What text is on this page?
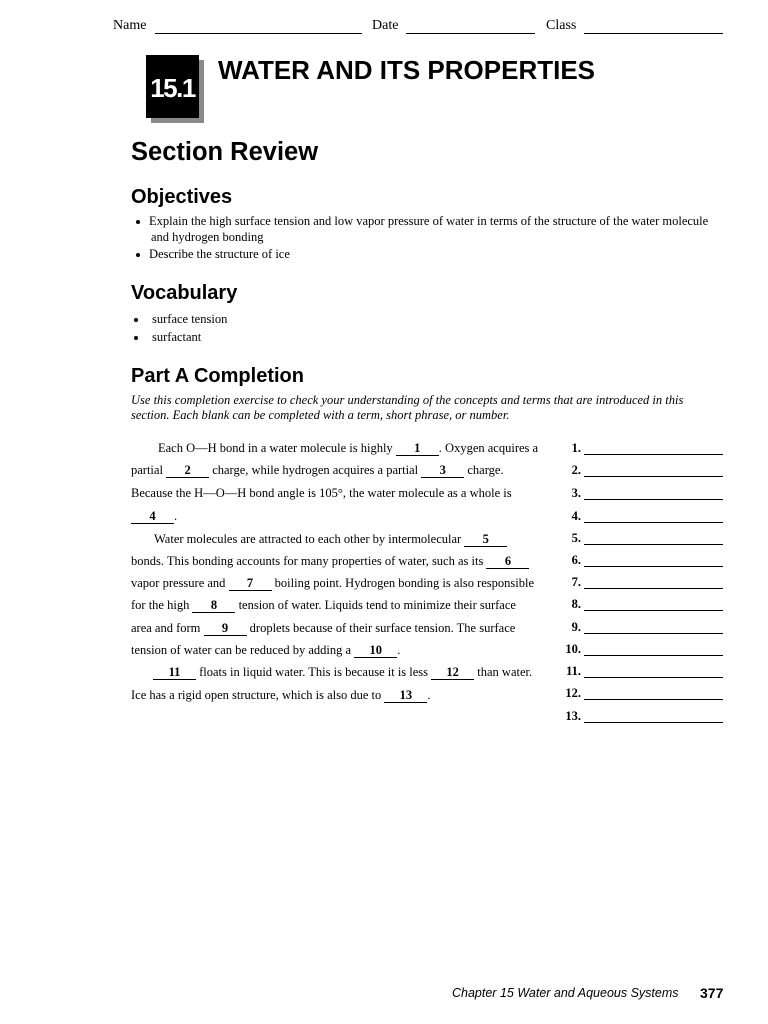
Name	Date	Class
15.1
WATER AND ITS PROPERTIES
Section Review
Objectives
Explain the high surface tension and low vapor pressure of water in terms of the structure of the water molecule
and hydrogen bonding
Describe the structure of ice
Vocabulary
surface tension
surfactant
Part A Completion
Use this completion exercise to check your understanding of the concepts and terms that are introduced in this
section. Each blank can be completed with a term, short phrase, or number.
Each O—H bond in a water molecule is highly 1 . Oxygen acquires a
partial 2 charge, while hydrogen acquires a partial 3 charge.
Because the H—O—H bond angle is 105°, the water molecule as a whole is
4 .
Water molecules are attracted to each other by intermolecular 5
bonds. This bonding accounts for many properties of water, such as its 6
vapor pressure and 7 boiling point. Hydrogen bonding is also responsible
for the high 8 tension of water. Liquids tend to minimize their surface
area and form 9 droplets because of their surface tension. The surface
tension of water can be reduced by adding a 10 .
11 floats in liquid water. This is because it is less 12 than water.
Ice has a rigid open structure, which is also due to 13 .
1.
2.
3.
4.
5.
6.
7.
8.
9.
10.
11.
12.
13.
Chapter 15 Water and Aqueous Systems 377
